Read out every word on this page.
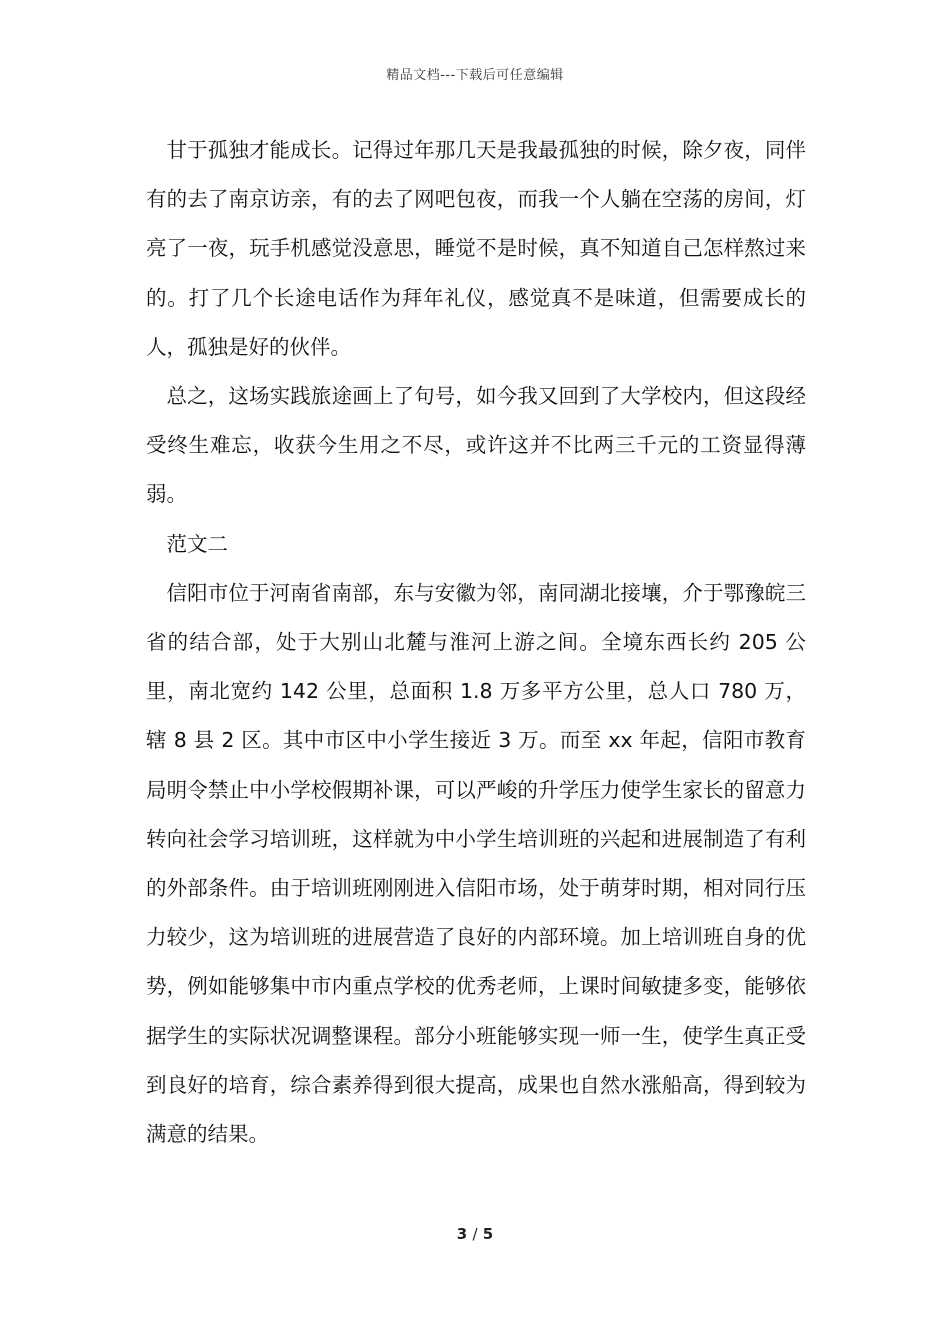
精品文档---下载后可任意编辑

甘于孤独才能成长。记得过年那几天是我最孤独的时候，除夕夜，同伴有的去了南京访亲，有的去了网吧包夜，而我一个人躺在空荡的房间，灯亮了一夜，玩手机感觉没意思，睡觉不是时候，真不知道自己怎样熬过来的。打了几个长途电话作为拜年礼仪，感觉真不是味道，但需要成长的人，孤独是好的伙伴。

总之，这场实践旅途画上了句号，如今我又回到了大学校内，但这段经受终生难忘，收获今生用之不尽，或许这并不比两三千元的工资显得薄弱。

范文二

信阳市位于河南省南部，东与安徽为邻，南同湖北接壤，介于鄂豫皖三省的结合部，处于大别山北麓与淮河上游之间。全境东西长约 205 公里，南北宽约 142 公里，总面积 1.8 万多平方公里，总人口 780 万，辖 8 县 2 区。其中市区中小学生接近 3 万。而至 xx 年起，信阳市教育局明令禁止中小学校假期补课，可以严峻的升学压力使学生家长的留意力转向社会学习培训班，这样就为中小学生培训班的兴起和进展制造了有利的外部条件。由于培训班刚刚进入信阳市场，处于萌芽时期，相对同行压力较少，这为培训班的进展营造了良好的内部环境。加上培训班自身的优势，例如能够集中市内重点学校的优秀老师，上课时间敏捷多变，能够依据学生的实际状况调整课程。部分小班能够实现一师一生，使学生真正受到良好的培育，综合素养得到很大提高，成果也自然水涨船高，得到较为满意的结果。

3 / 5
